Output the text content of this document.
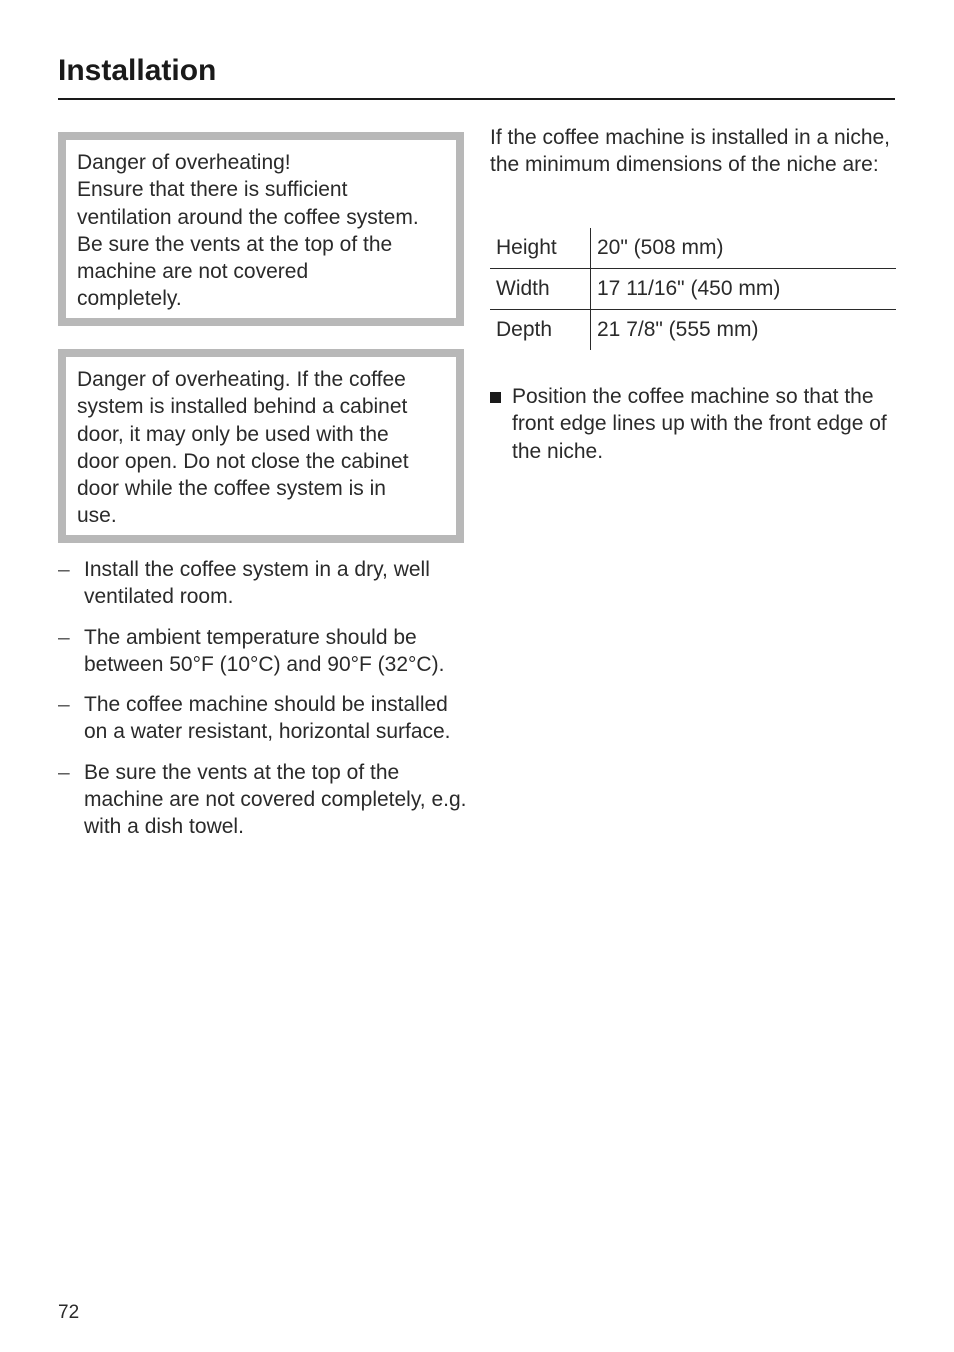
Installation
Danger of overheating!
Ensure that there is sufficient
ventilation around the coffee system.
Be sure the vents at the top of the
machine are not covered
completely.
Danger of overheating. If the coffee
system is installed behind a cabinet
door, it may only be used with the
door open. Do not close the cabinet
door while the coffee system is in
use.
– Install the coffee system in a dry, well ventilated room.
– The ambient temperature should be between 50°F (10°C) and 90°F (32°C).
– The coffee machine should be installed on a water resistant, horizontal surface.
– Be sure the vents at the top of the machine are not covered completely, e.g. with a dish towel.

If the coffee machine is installed in a niche, the minimum dimensions of the niche are:

Height	20" (508 mm)
Width	17 11/16" (450 mm)
Depth	21 7/8" (555 mm)
Position the coffee machine so that the front edge lines up with the front edge of the niche.
72
